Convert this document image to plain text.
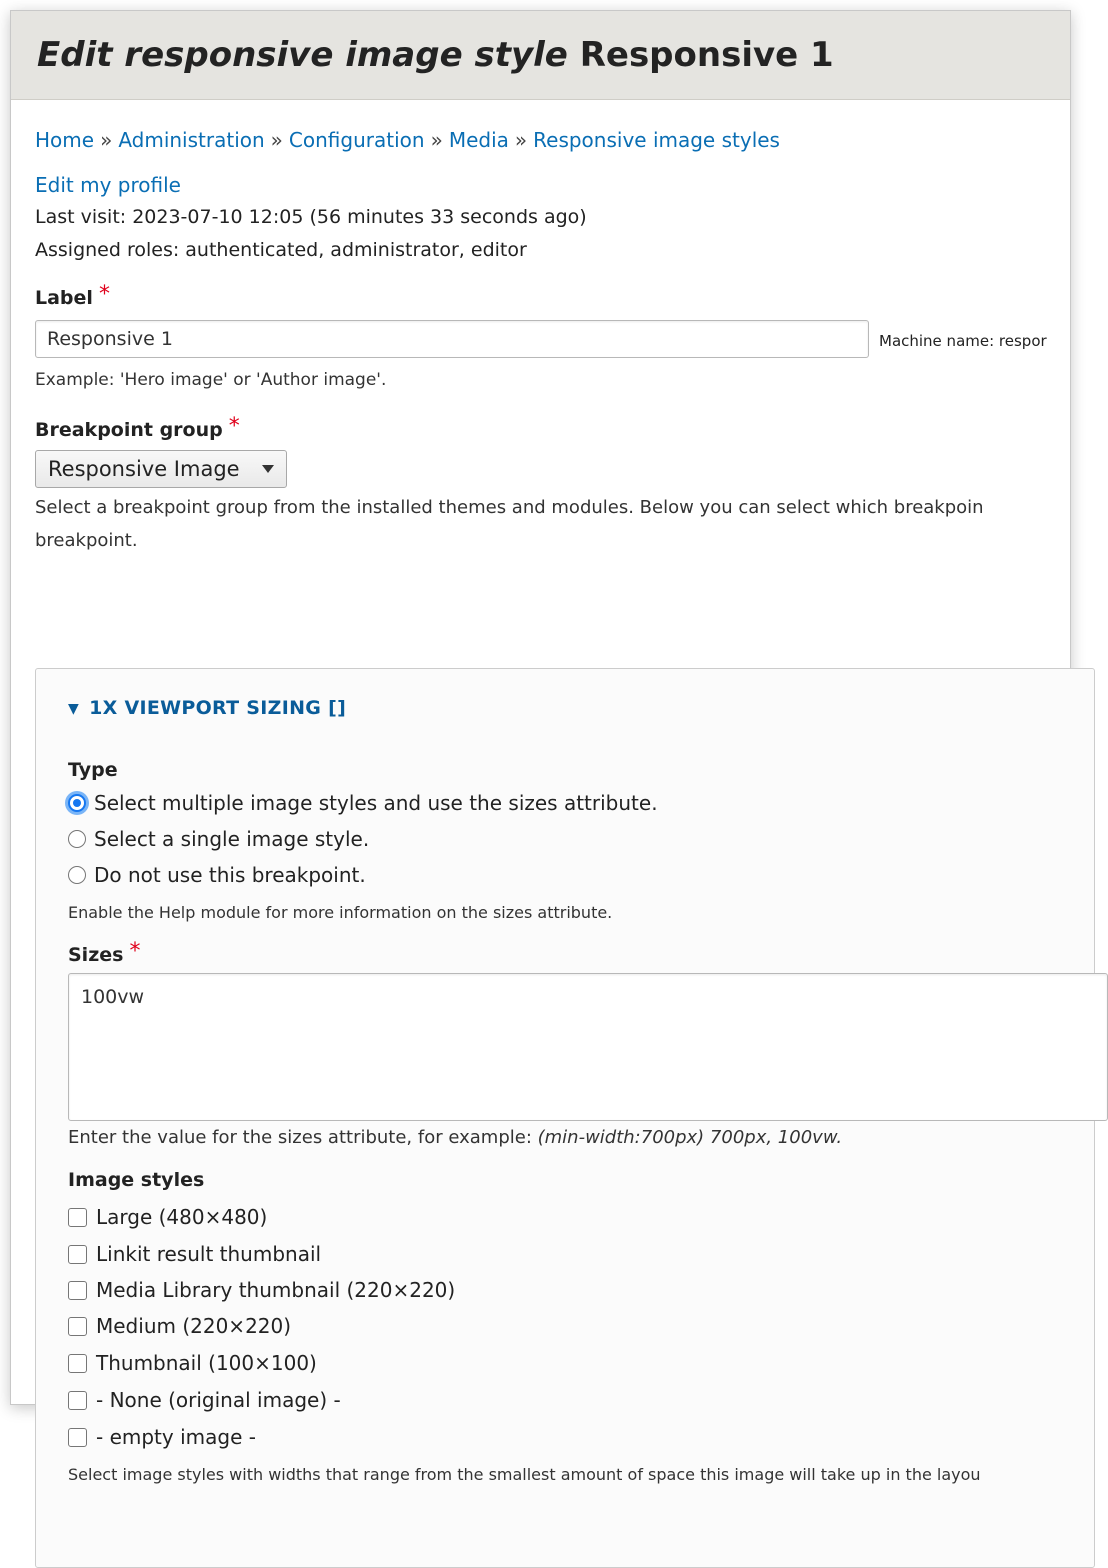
Edit responsive image style Responsive 1
Home » Administration » Configuration » Media » Responsive image styles
Edit my profile
Last visit: 2023-07-10 12:05 (56 minutes 33 seconds ago)
Assigned roles: authenticated, administrator, editor
Label *
Responsive 1
Machine name: respor
Example: 'Hero image' or 'Author image'.
Breakpoint group *
Responsive Image
Select a breakpoint group from the installed themes and modules. Below you can select which breakpoin
breakpoint.
▼ 1X VIEWPORT SIZING []
Type
Select multiple image styles and use the sizes attribute.
Select a single image style.
Do not use this breakpoint.
Enable the Help module for more information on the sizes attribute.
Sizes *
100vw
Enter the value for the sizes attribute, for example: (min-width:700px) 700px, 100vw.
Image styles
Large (480×480)
Linkit result thumbnail
Media Library thumbnail (220×220)
Medium (220×220)
Thumbnail (100×100)
- None (original image) -
- empty image -
Select image styles with widths that range from the smallest amount of space this image will take up in the layou
